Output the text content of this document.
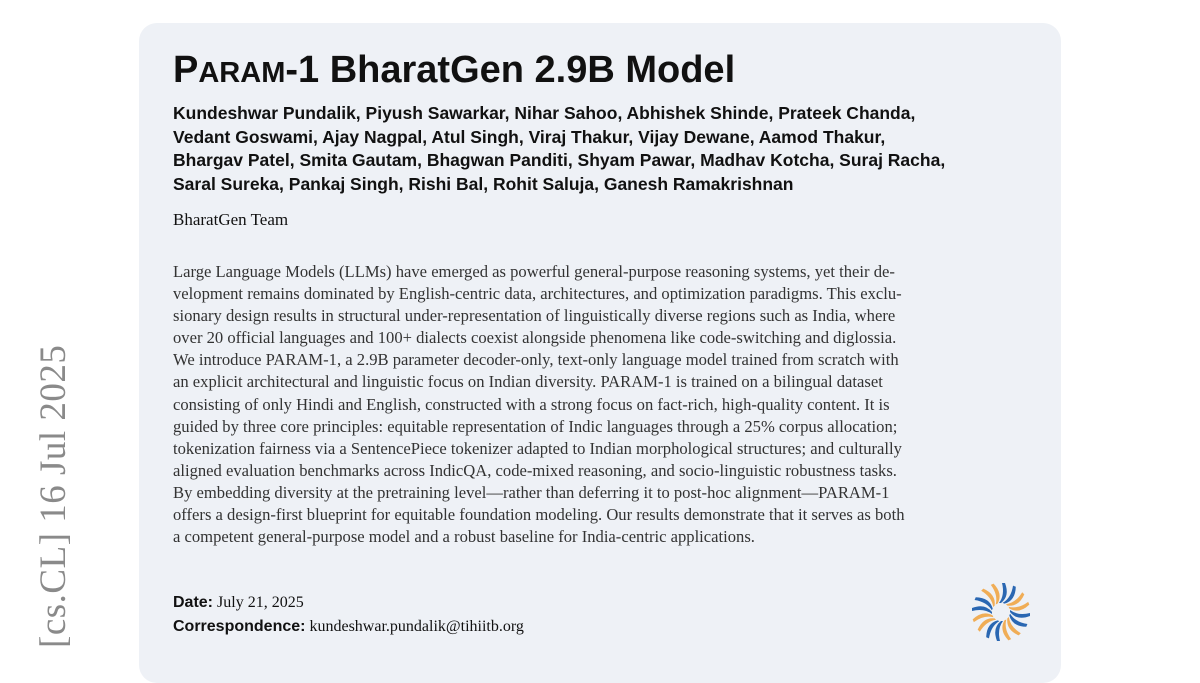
[cs.CL] 16 Jul 2025
PARAM-1 BharatGen 2.9B Model
Kundeshwar Pundalik, Piyush Sawarkar, Nihar Sahoo, Abhishek Shinde, Prateek Chanda,
Vedant Goswami, Ajay Nagpal, Atul Singh, Viraj Thakur, Vijay Dewane, Aamod Thakur,
Bhargav Patel, Smita Gautam, Bhagwan Panditi, Shyam Pawar, Madhav Kotcha, Suraj Racha,
Saral Sureka, Pankaj Singh, Rishi Bal, Rohit Saluja, Ganesh Ramakrishnan
BharatGen Team
Large Language Models (LLMs) have emerged as powerful general-purpose reasoning systems, yet their de-
velopment remains dominated by English-centric data, architectures, and optimization paradigms. This exclu-
sionary design results in structural under-representation of linguistically diverse regions such as India, where
over 20 official languages and 100+ dialects coexist alongside phenomena like code-switching and diglossia.
We introduce PARAM-1, a 2.9B parameter decoder-only, text-only language model trained from scratch with
an explicit architectural and linguistic focus on Indian diversity. PARAM-1 is trained on a bilingual dataset
consisting of only Hindi and English, constructed with a strong focus on fact-rich, high-quality content. It is
guided by three core principles: equitable representation of Indic languages through a 25% corpus allocation;
tokenization fairness via a SentencePiece tokenizer adapted to Indian morphological structures; and culturally
aligned evaluation benchmarks across IndicQA, code-mixed reasoning, and socio-linguistic robustness tasks.
By embedding diversity at the pretraining level—rather than deferring it to post-hoc alignment—PARAM-1
offers a design-first blueprint for equitable foundation modeling. Our results demonstrate that it serves as both
a competent general-purpose model and a robust baseline for India-centric applications.
Date: July 21, 2025
Correspondence: kundeshwar.pundalik@tihiitb.org
